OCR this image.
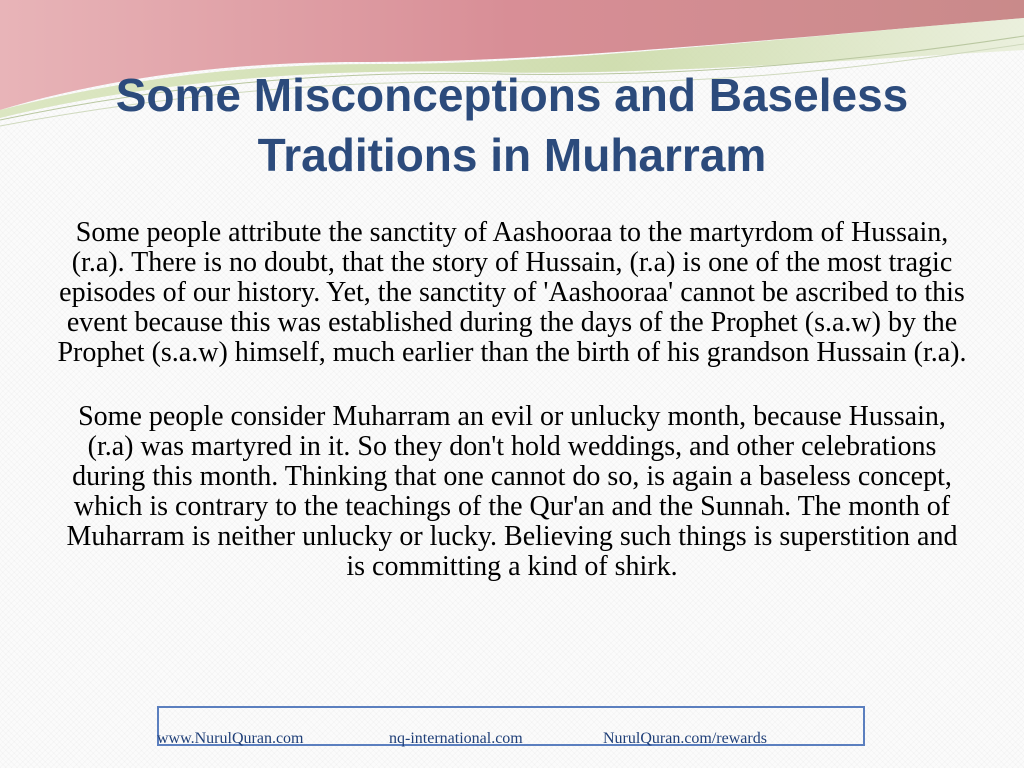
Some Misconceptions and Baseless
Traditions in Muharram

Some people attribute the sanctity of Aashooraa to the martyrdom of Hussain, (r.a). There is no doubt, that the story of Hussain, (r.a) is one of the most tragic episodes of our history. Yet, the sanctity of 'Aashooraa' cannot be ascribed to this event because this was established during the days of the Prophet (s.a.w) by the Prophet (s.a.w) himself, much earlier than the birth of his grandson Hussain (r.a).

Some people consider Muharram an evil or unlucky month, because Hussain, (r.a) was martyred in it. So they don't hold weddings, and other celebrations during this month. Thinking that one cannot do so, is again a baseless concept, which is contrary to the teachings of the Qur'an and the Sunnah. The month of Muharram is neither unlucky or lucky. Believing such things is superstition and is committing a kind of shirk.

www.NurulQuran.com	nq-international.com	NurulQuran.com/rewards
